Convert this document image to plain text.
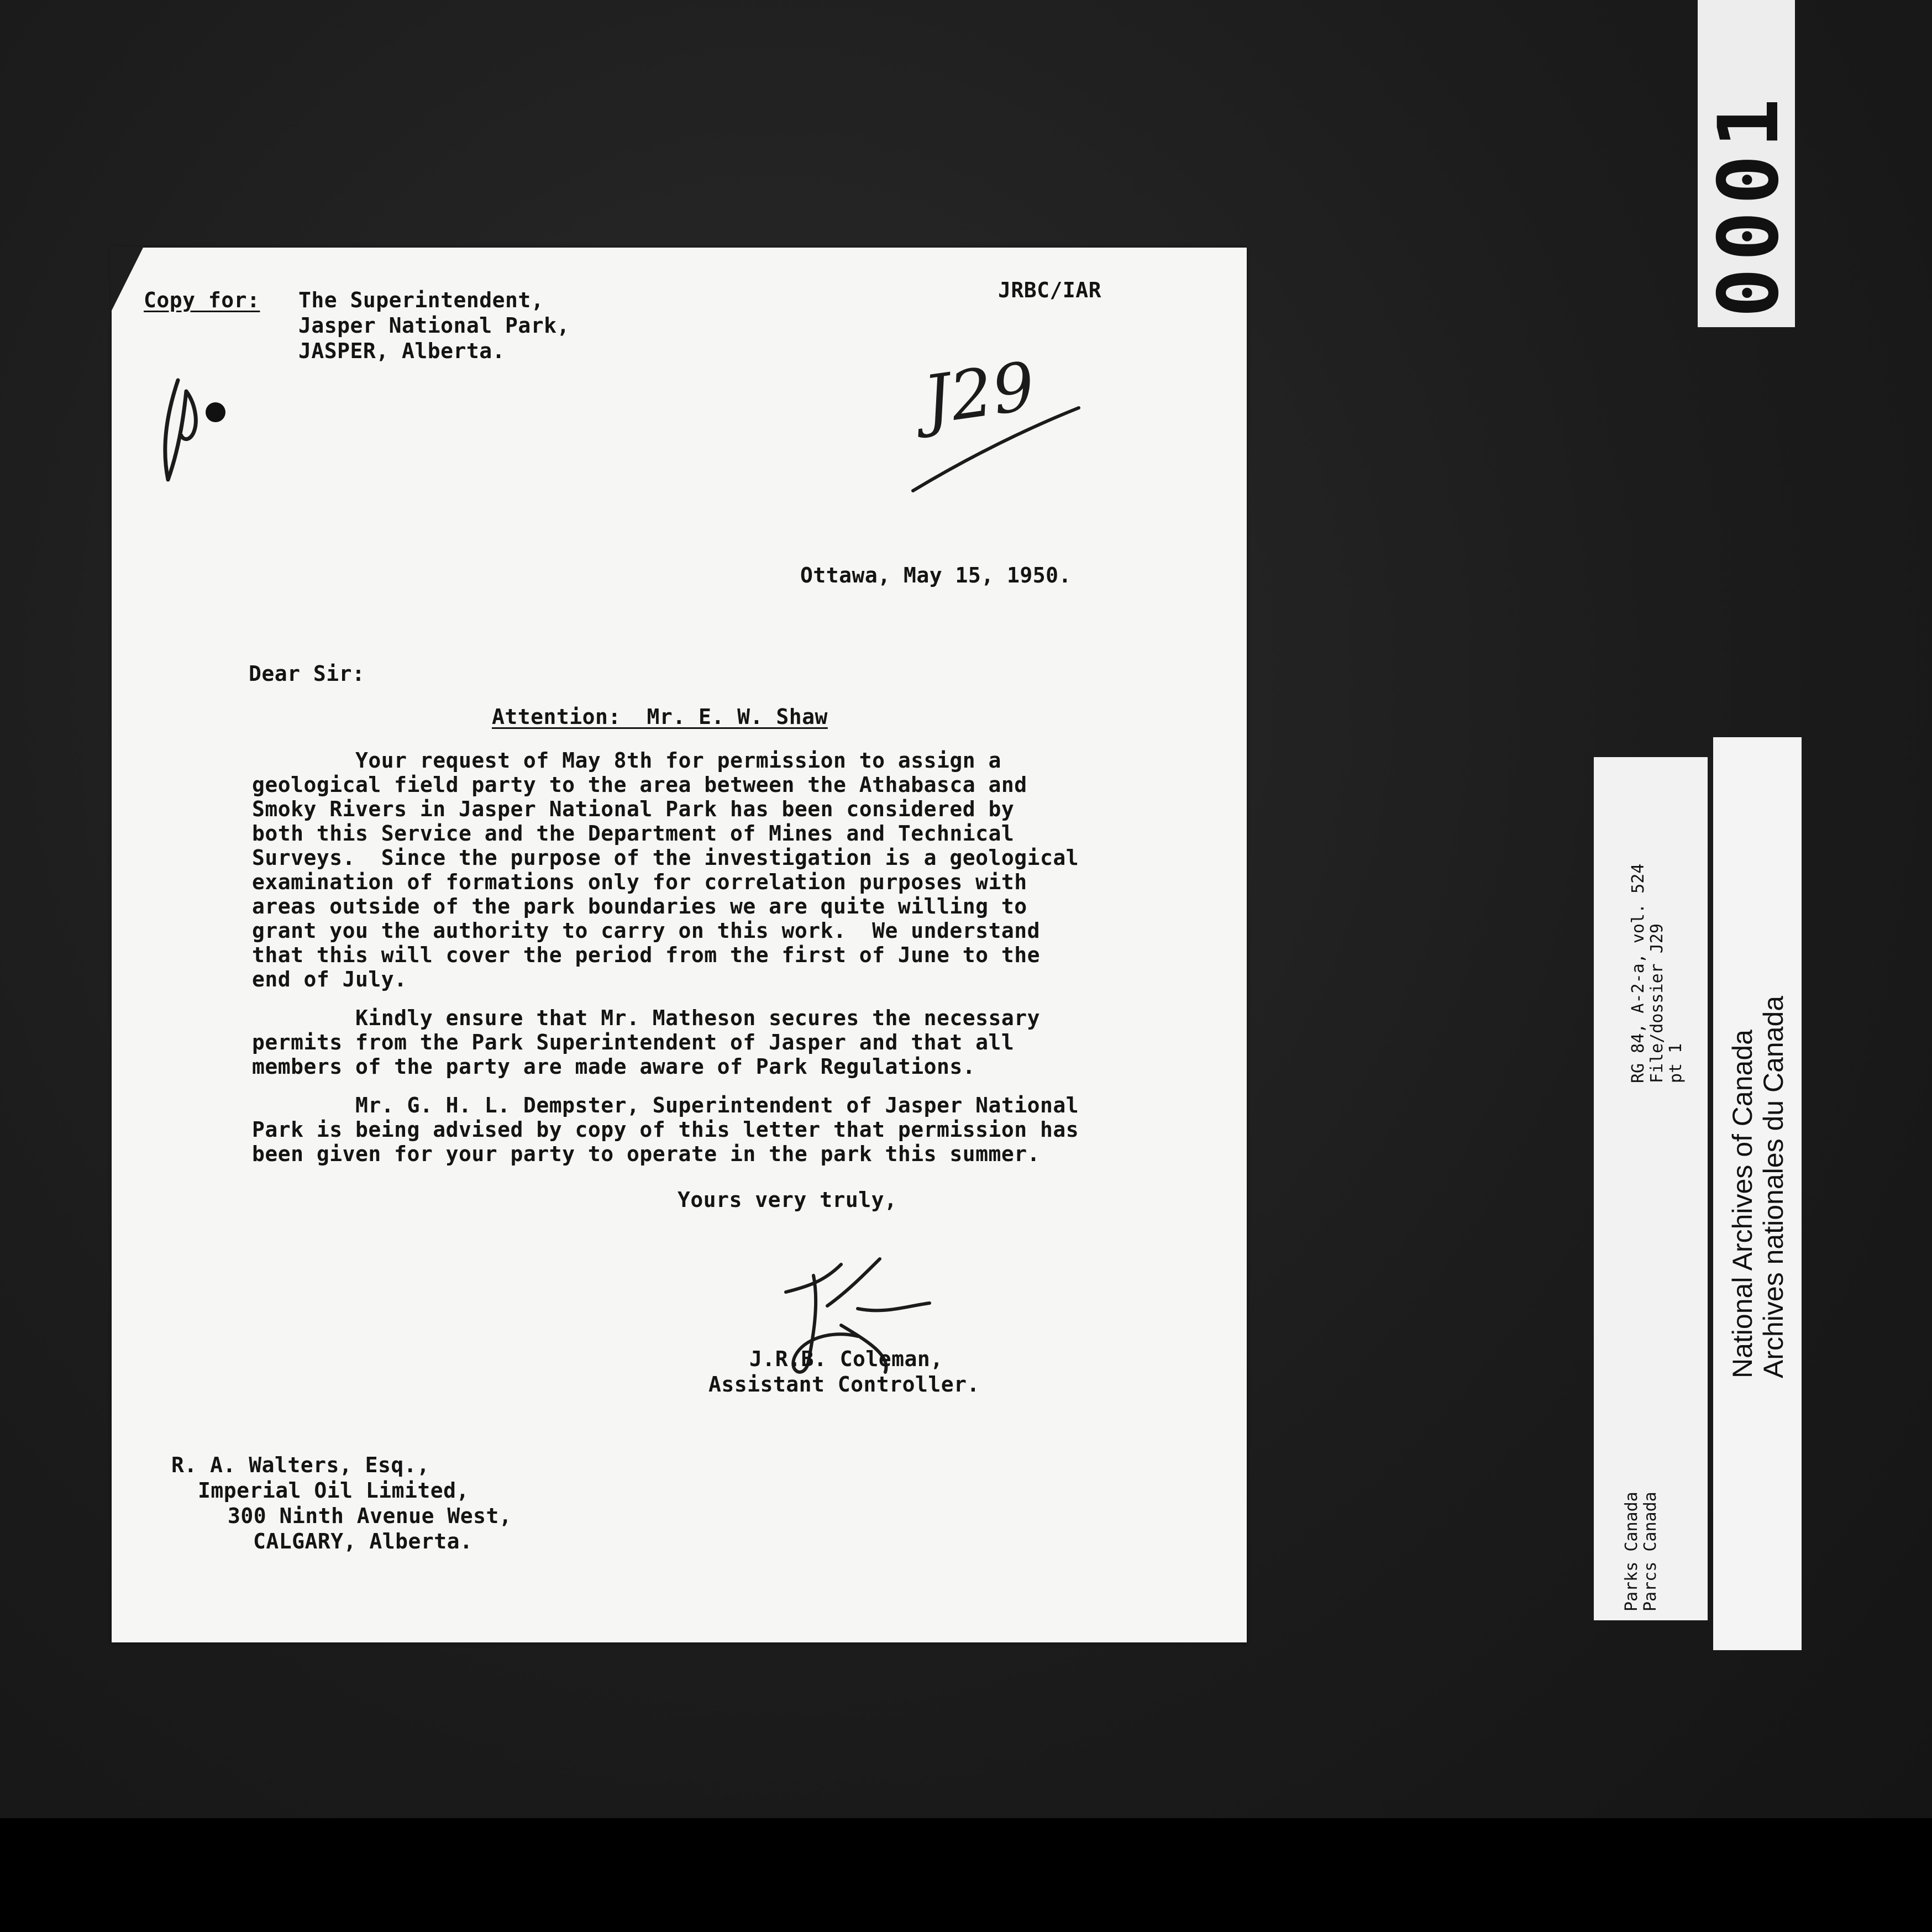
0001
Copy for: The Superintendent,
Jasper National Park,
JASPER, Alberta.
JRBC/IAR
J29
Ottawa, May 15, 1950.
Dear Sir:
Attention:  Mr. E. W. Shaw
Your request of May 8th for permission to assign a
geological field party to the area between the Athabasca and
Smoky Rivers in Jasper National Park has been considered by
both this Service and the Department of Mines and Technical
Surveys.  Since the purpose of the investigation is a geological
examination of formations only for correlation purposes with
areas outside of the park boundaries we are quite willing to
grant you the authority to carry on this work.  We understand
that this will cover the period from the first of June to the
end of July.
Kindly ensure that Mr. Matheson secures the necessary
permits from the Park Superintendent of Jasper and that all
members of the party are made aware of Park Regulations.
Mr. G. H. L. Dempster, Superintendent of Jasper National
Park is being advised by copy of this letter that permission has
been given for your party to operate in the park this summer.
Yours very truly,
J.R.B. Coleman,
Assistant Controller.
R. A. Walters, Esq.,
Imperial Oil Limited,
300 Ninth Avenue West,
CALGARY, Alberta.
RG 84, A-2-a, vol. 524 File/dossier J29 pt 1
Parks Canada Parcs Canada
National Archives of Canada Archives nationales du Canada
